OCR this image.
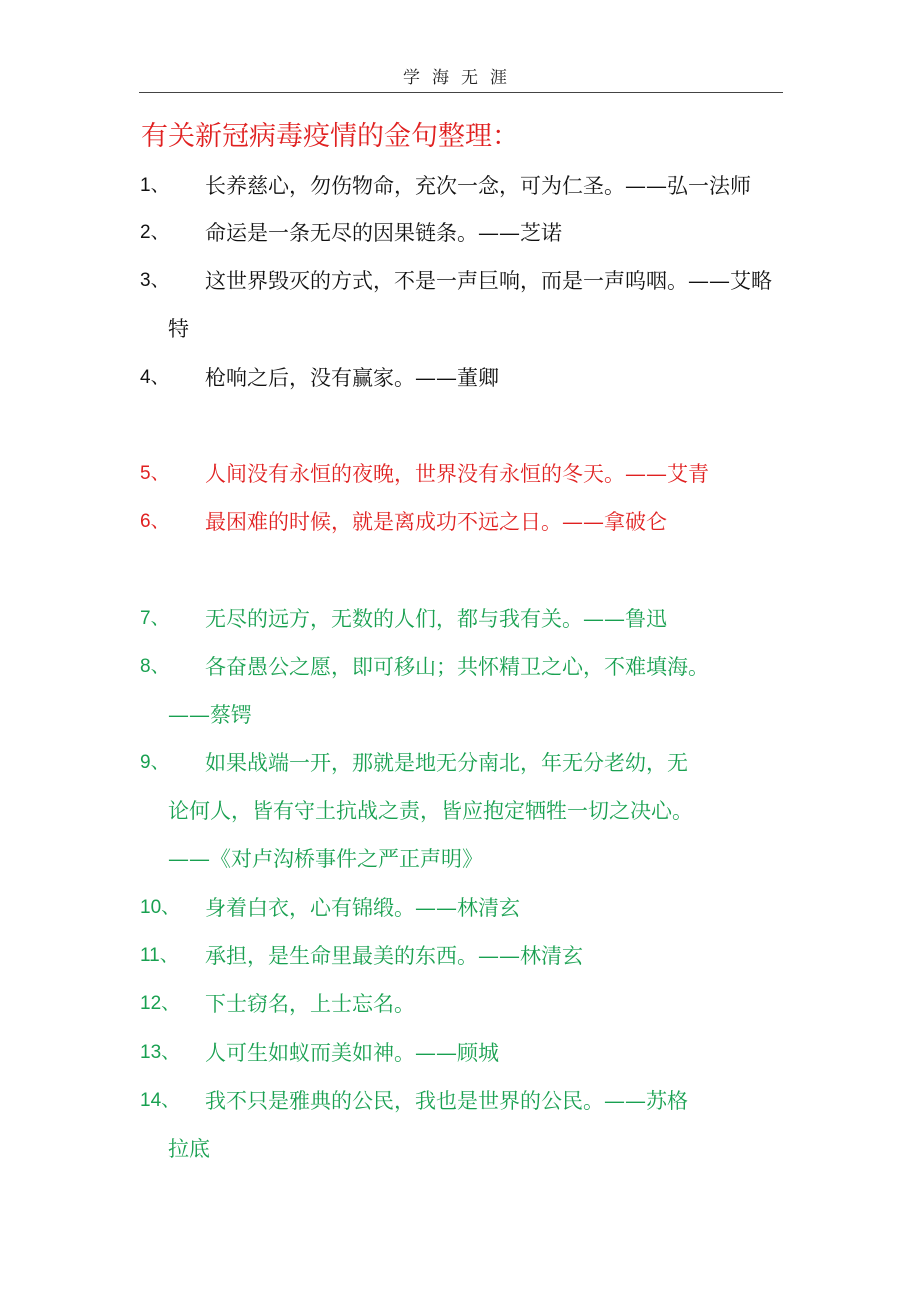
学海无涯
有关新冠病毒疫情的金句整理：
1、 长养慈心，勿伤物命，充次一念，可为仁圣。——弘一法师
2、 命运是一条无尽的因果链条。——芝诺
3、 这世界毁灭的方式，不是一声巨响，而是一声呜咽。——艾略
特
4、 枪响之后，没有赢家。——董卿
5、 人间没有永恒的夜晚，世界没有永恒的冬天。——艾青
6、 最困难的时候，就是离成功不远之日。——拿破仑
7、 无尽的远方，无数的人们，都与我有关。——鲁迅
8、 各奋愚公之愿，即可移山；共怀精卫之心，不难填海。
——蔡锷
9、 如果战端一开，那就是地无分南北，年无分老幼，无
论何人，皆有守土抗战之责，皆应抱定牺牲一切之决心。
——《对卢沟桥事件之严正声明》
10、 身着白衣，心有锦缎。——林清玄
11、 承担，是生命里最美的东西。——林清玄
12、 下士窃名，上士忘名。
13、 人可生如蚁而美如神。——顾城
14、 我不只是雅典的公民，我也是世界的公民。——苏格
拉底
